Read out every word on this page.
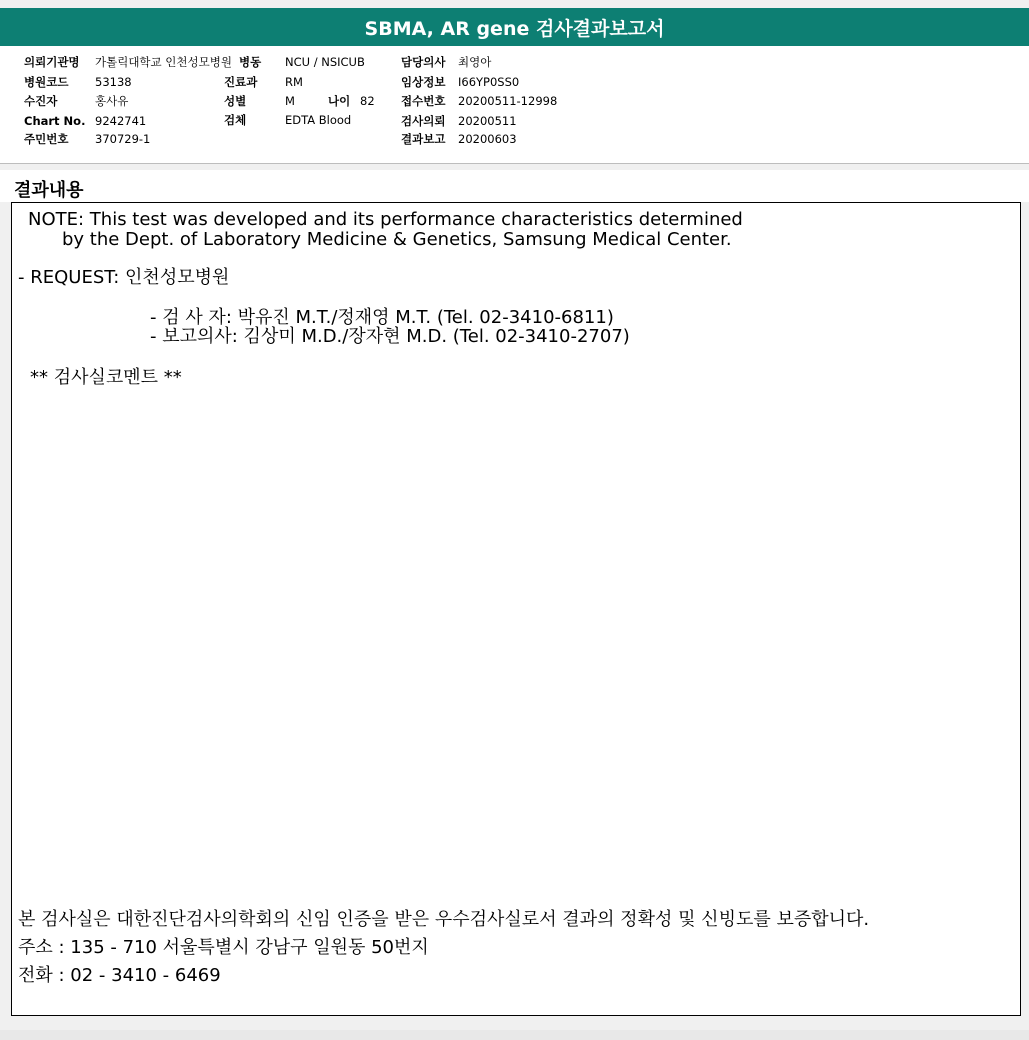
SBMA, AR gene 검사결과보고서
의뢰기관명 가톨릭대학교 인천성모병원
병원코드 53138
수진자	홍사유
Chart No. 9242741
주민번호 370729-1
병동 NCU / NSICUB
진료과 RM
성별	M	나이 82
검체	EDTA Blood
담당의사 최영아
임상정보 I66YP0SS0
접수번호 20200511-12998
검사의뢰 20200511
결과보고 20200603
결과내용
NOTE: This test was developed and its performance characteristics determined
by the Dept. of Laboratory Medicine & Genetics, Samsung Medical Center.
- REQUEST: 인천성모병원
- 검 사 자: 박유진 M.T./정재영 M.T. (Tel. 02-3410-6811)
- 보고의사: 김상미 M.D./장자현 M.D. (Tel. 02-3410-2707)
** 검사실코멘트 **
본 검사실은 대한진단검사의학회의 신임 인증을 받은 우수검사실로서 결과의 정확성 및 신빙도를 보증합니다.
주소 : 135 - 710 서울특별시 강남구 일원동 50번지
전화 : 02 - 3410 - 6469
